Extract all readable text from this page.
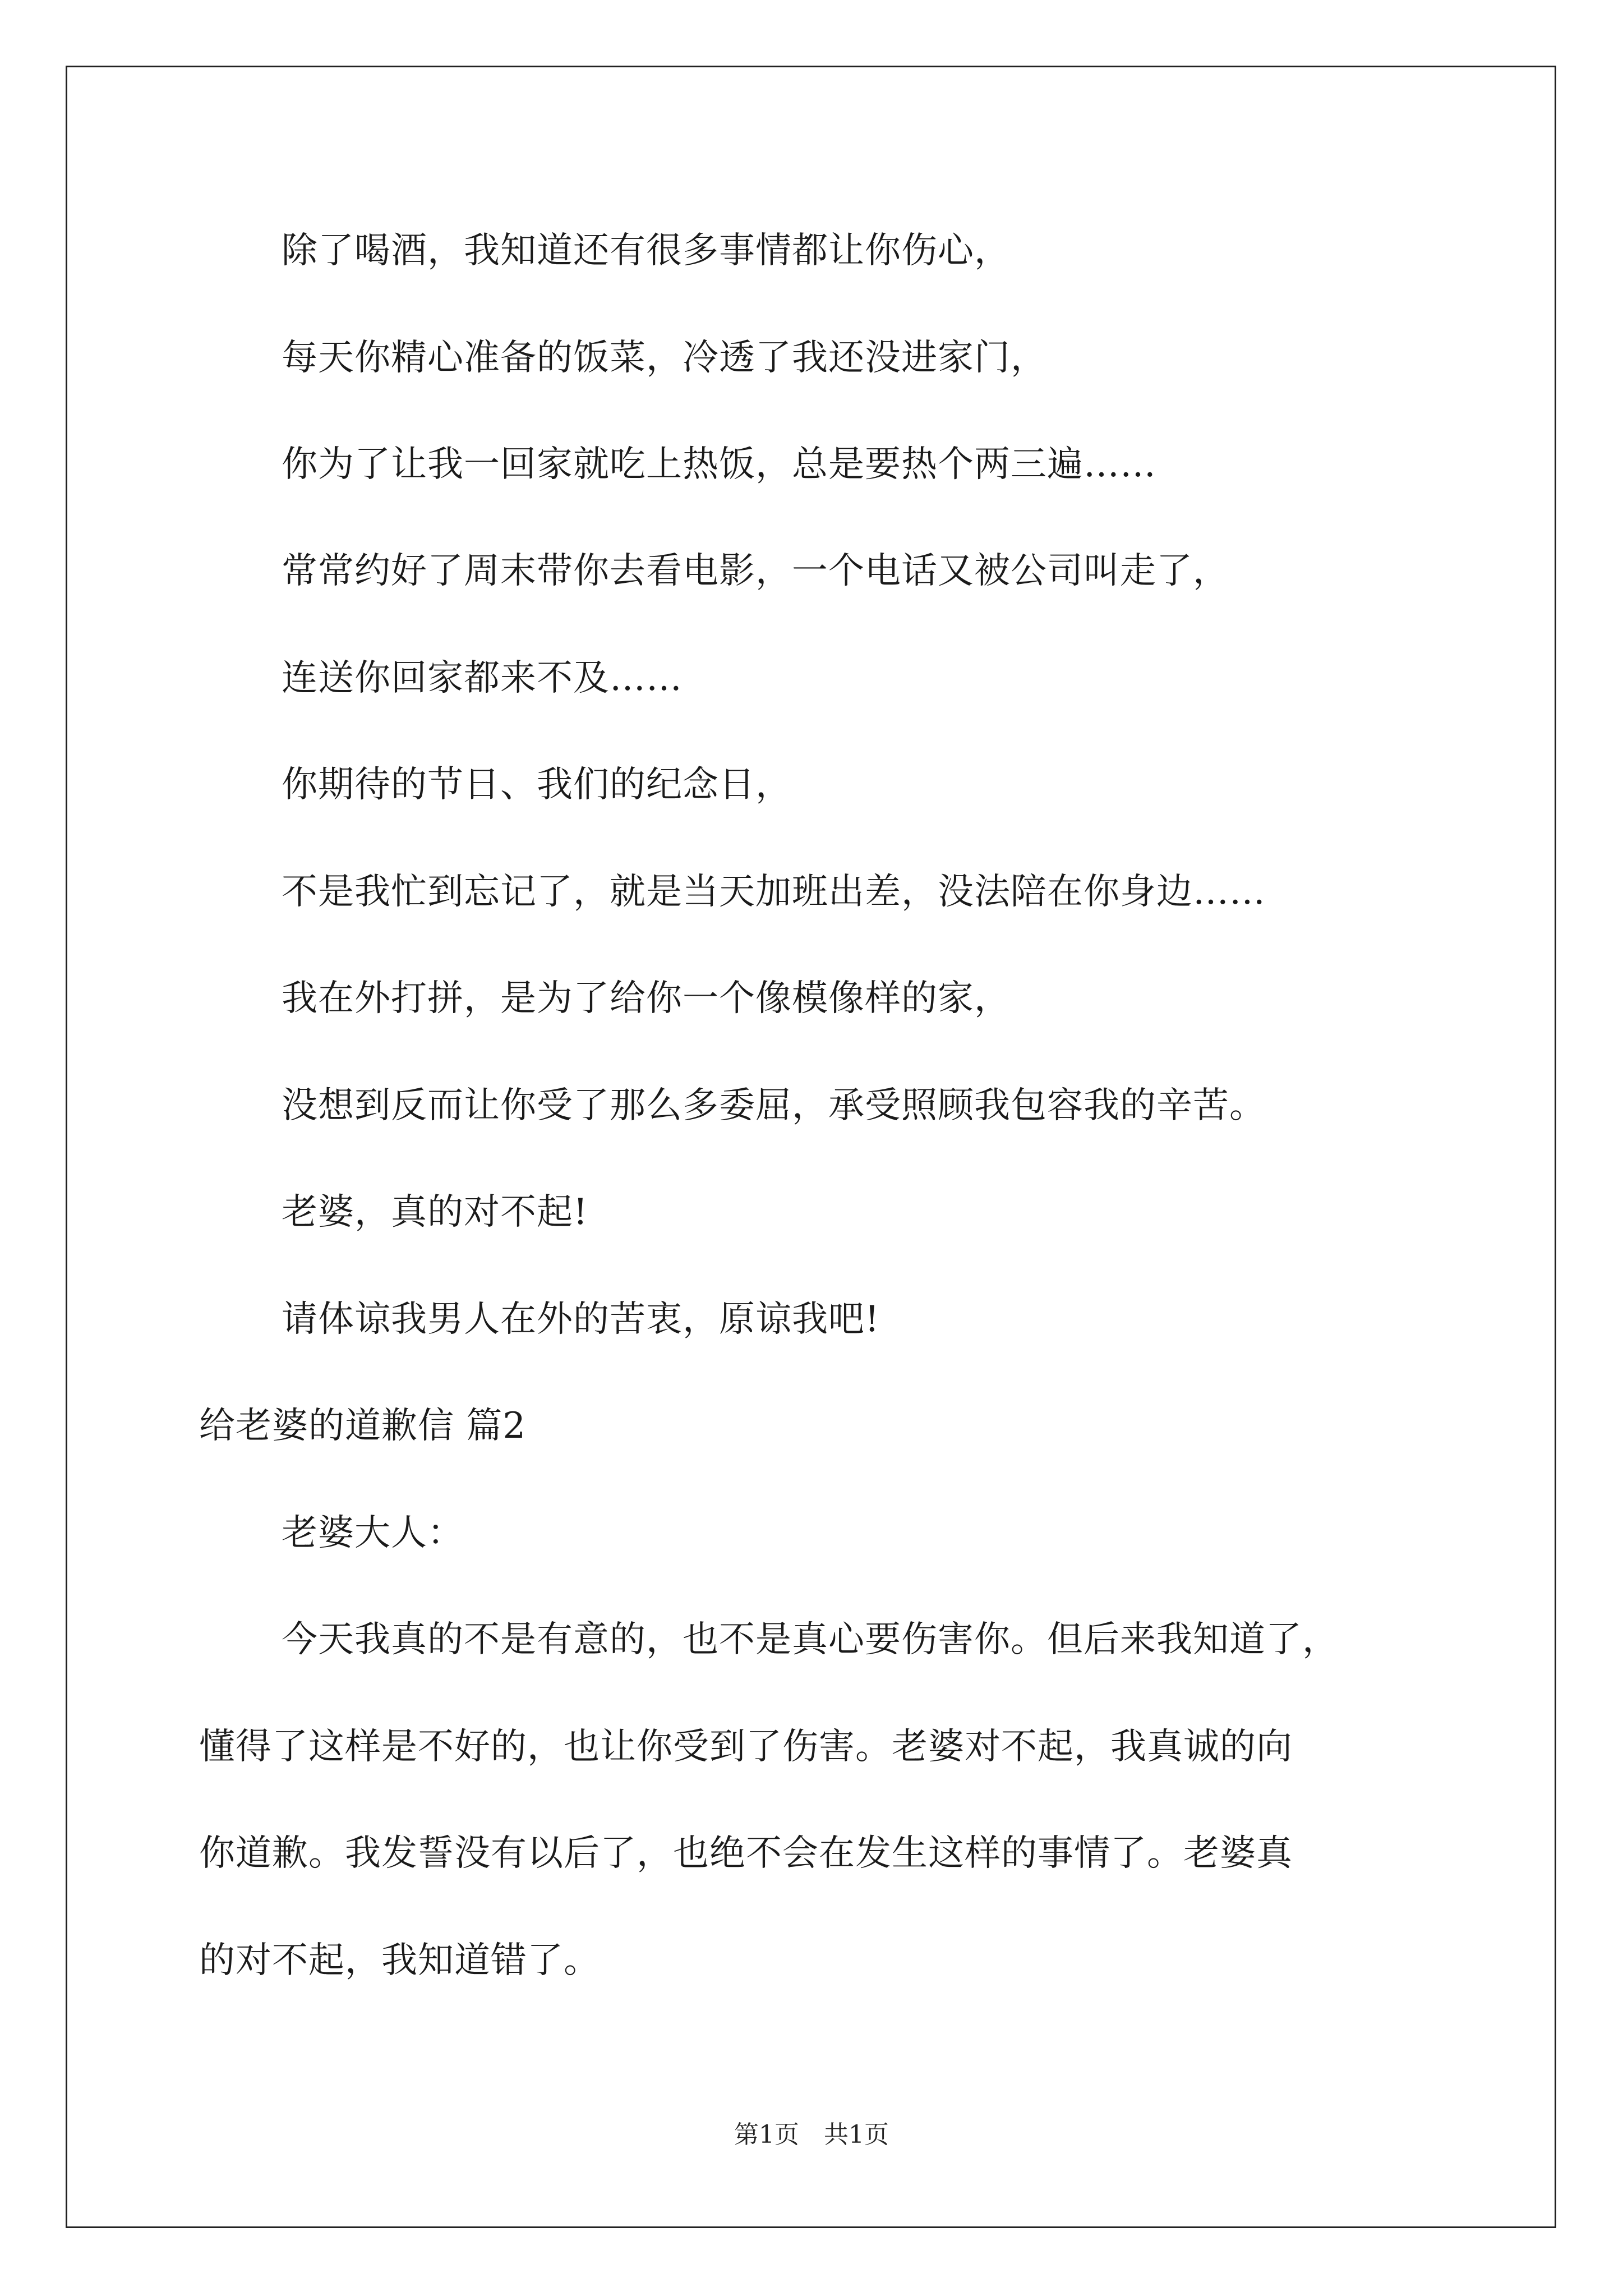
除了喝酒，我知道还有很多事情都让你伤心，
每天你精心准备的饭菜，冷透了我还没进家门，
你为了让我一回家就吃上热饭，总是要热个两三遍……
常常约好了周末带你去看电影，一个电话又被公司叫走了，
连送你回家都来不及……
你期待的节日、我们的纪念日，
不是我忙到忘记了，就是当天加班出差，没法陪在你身边……
我在外打拼，是为了给你一个像模像样的家，
没想到反而让你受了那么多委屈，承受照顾我包容我的辛苦。
老婆，真的对不起!
请体谅我男人在外的苦衷，原谅我吧!
给老婆的道歉信 篇2
老婆大人：
今天我真的不是有意的，也不是真心要伤害你。但后来我知道了，
懂得了这样是不好的，也让你受到了伤害。老婆对不起，我真诚的向
你道歉。我发誓没有以后了，也绝不会在发生这样的事情了。老婆真
的对不起，我知道错了。
第1页　共1页
